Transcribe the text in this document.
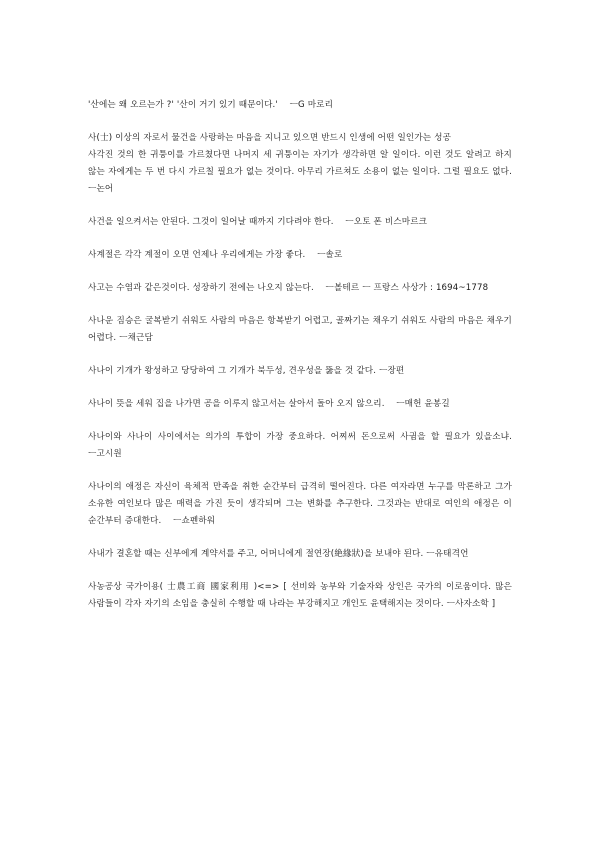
'산에는 왜 오르는가 ?' '산이 거기 있기 때문이다.'　 ㅡG 마로리

사(士) 이상의 자로서 물건을 사랑하는 마음을 지니고 있으면 반드시 인생에 어떤 일인가는 성공

사각진 것의 한 귀퉁이를 가르쳤다면 나머지 세 귀퉁이는 자기가 생각하면 알 일이다. 이런 것도 알려고 하지 않는 자에게는 두 번 다시 가르칠 필요가 없는 것이다. 아무리 가르쳐도 소용이 없는 일이다. 그럴 필요도 없다. ㅡ논어

사건을 일으켜서는 안된다. 그것이 일어날 때까지 기다려야 한다.　 ㅡ오토 폰 비스마르크

사계절은 각각 계절이 오면 언제나 우리에게는 가장 좋다.　 ㅡ솔로

사고는 수염과 같은것이다. 성장하기 전에는 나오지 않는다.　 ㅡ볼테르 ㅡ 프랑스 사상가 : 1694~1778

사나운 짐승은 굴복받기 쉬워도 사람의 마음은 항복받기 어렵고, 골짜기는 채우기 쉬워도 사람의 마음은 채우기 어렵다. ㅡ채근담

사나이 기개가 왕성하고 당당하여 그 기개가 북두성, 견우성을 뚫을 것 같다. ㅡ장편

사나이 뜻을 세워 집을 나가면 공을 이루지 않고서는 살아서 돌아 오지 않으리.　 ㅡ매헌 윤봉길

사나이와 사나이 사이에서는 의가의 투합이 가장 중요하다. 어찌써 돈으로써 사귐을 할 필요가 있을소냐. ㅡ고시원

사나이의 애정은 자신이 육체적 만족을 취한 순간부터 급격히 떨어진다. 다른 여자라면 누구를 막론하고 그가 소유한 여인보다 많은 매력을 가진 듯이 생각되며 그는 변화를 추구한다. 그것과는 반대로 여인의 애정은 이 순간부터 증대한다.　 ㅡ쇼펜하워

사내가 결혼할 때는 신부에게 계약서를 주고, 어머니에게 절연장(絶緣狀)을 보내야 된다. ㅡ유태격언

사농공상 국가이용( 士農工商 國家利用 )<=> [ 선비와 농부와 기술자와 상인은 국가의 이로움이다. 많은 사람들이 각자 자기의 소임을 충실히 수행할 때 나라는 부강해지고 개인도 윤택해지는 것이다. ㅡ사자소학 ]
